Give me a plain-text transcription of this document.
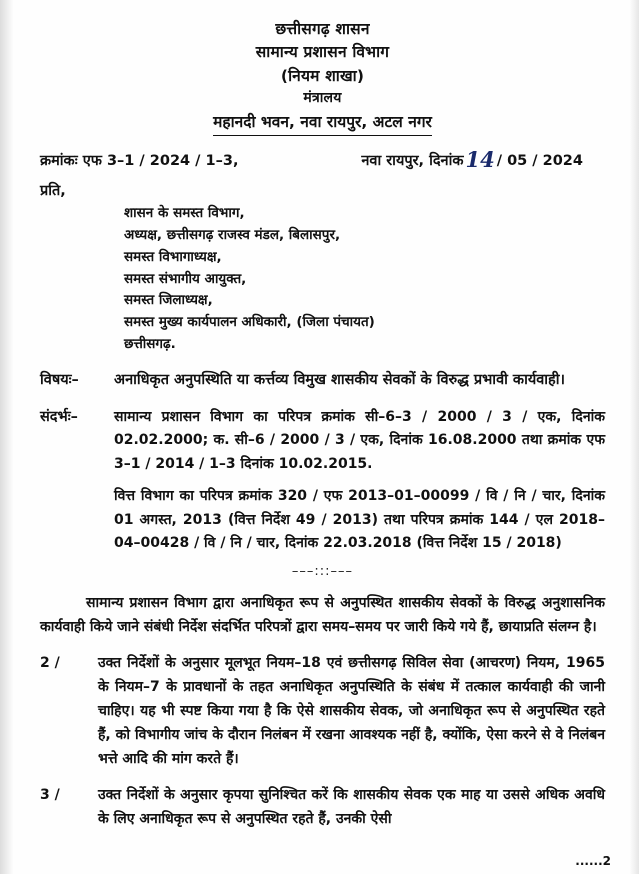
छत्तीसगढ़ शासन
सामान्य प्रशासन विभाग
(नियम शाखा)
मंत्रालय
महानदी भवन, नवा रायपुर, अटल नगर
क्रमांकः एफ 3–1 / 2024 / 1–3,	नवा रायपुर, दिनांक 14 / 05 / 2024
प्रति,
शासन के समस्त विभाग,
अध्यक्ष, छत्तीसगढ़ राजस्व मंडल, बिलासपुर,
समस्त विभागाध्यक्ष,
समस्त संभागीय आयुक्त,
समस्त जिलाध्यक्ष,
समस्त मुख्य कार्यपालन अधिकारी, (जिला पंचायत)
छत्तीसगढ़.
विषयः–	अनाधिकृत अनुपस्थिति या कर्त्तव्य विमुख शासकीय सेवकों के विरुद्ध प्रभावी कार्यवाही।
संदर्भः–	सामान्य प्रशासन विभाग का परिपत्र क्रमांक सी–6–3 / 2000 / 3 / एक, दिनांक 02.02.2000; क. सी–6 / 2000 / 3 / एक, दिनांक 16.08.2000 तथा क्रमांक एफ 3–1 / 2014 / 1–3 दिनांक 10.02.2015.
वित्त विभाग का परिपत्र क्रमांक 320 / एफ 2013–01–00099 / वि / नि / चार, दिनांक 01 अगस्त, 2013 (वित्त निर्देश 49 / 2013) तथा परिपत्र क्रमांक 144 / एल 2018–04–00428 / वि / नि / चार, दिनांक 22.03.2018 (वित्त निर्देश 15 / 2018)
–––:::–––
सामान्य प्रशासन विभाग द्वारा अनाधिकृत रूप से अनुपस्थित शासकीय सेवकों के विरुद्ध अनुशासनिक कार्यवाही किये जाने संबंधी निर्देश संदर्भित परिपत्रों द्वारा समय–समय पर जारी किये गये हैं, छायाप्रति संलग्न है।
2 /	उक्त निर्देशों के अनुसार मूलभूत नियम–18 एवं छत्तीसगढ़ सिविल सेवा (आचरण) नियम, 1965 के नियम–7 के प्रावधानों के तहत अनाधिकृत अनुपस्थिति के संबंध में तत्काल कार्यवाही की जानी चाहिए। यह भी स्पष्ट किया गया है कि ऐसे शासकीय सेवक, जो अनाधिकृत रूप से अनुपस्थित रहते हैं, को विभागीय जांच के दौरान निलंबन में रखना आवश्यक नहीं है, क्योंकि, ऐसा करने से वे निलंबन भत्ते आदि की मांग करते हैं।
3 /	उक्त निर्देशों के अनुसार कृपया सुनिश्चित करें कि शासकीय सेवक एक माह या उससे अधिक अवधि के लिए अनाधिकृत रूप से अनुपस्थित रहते हैं, उनकी ऐसी
......2
